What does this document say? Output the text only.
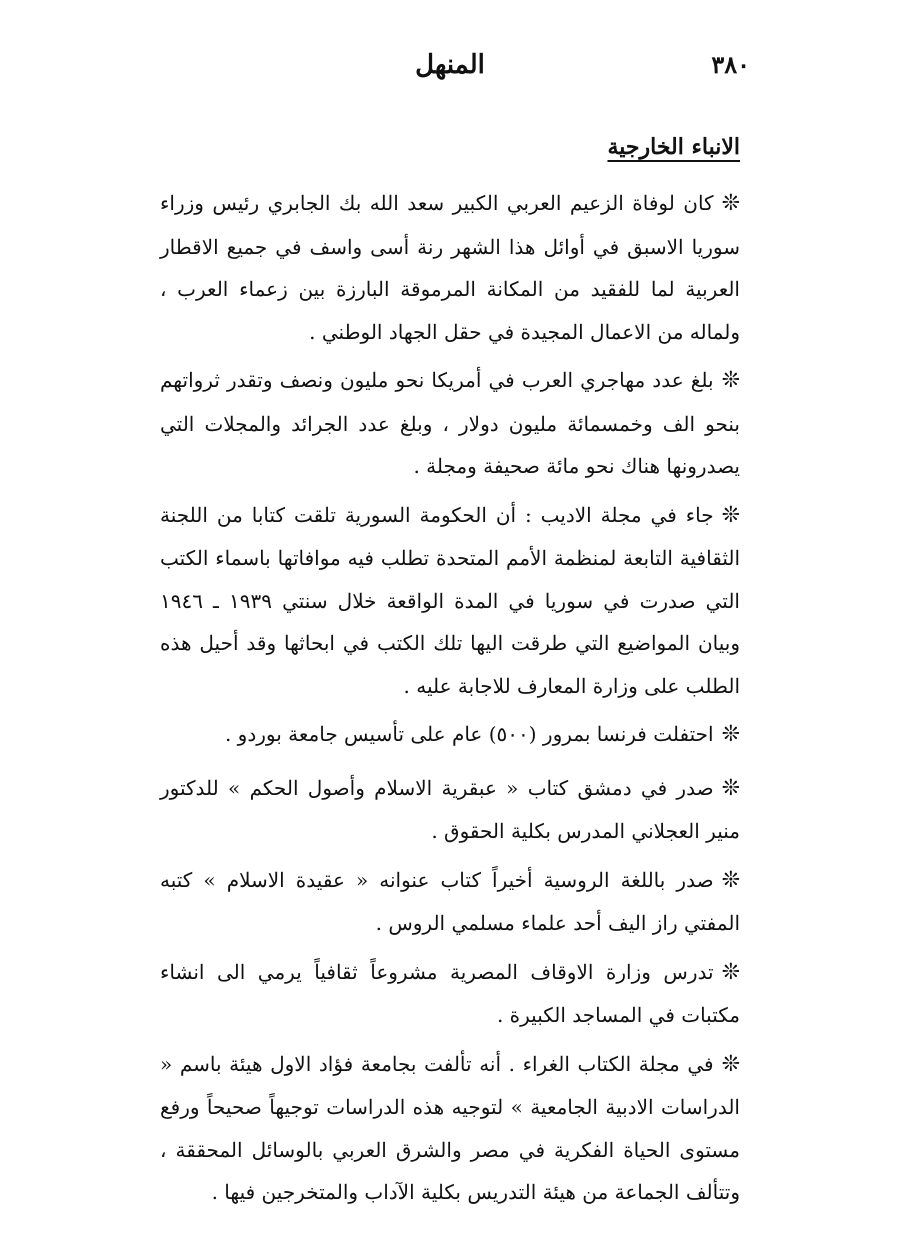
٣٨٠
المنهل
الانباء الخارجية

❊كان لوفاة الزعيم العربي الكبير سعد الله بك الجابري رئيس وزراء سوريا الاسبق في أوائل هذا الشهر رنة أسى واسف في جميع الاقطار العربية لما للفقيد من المكانة المرموقة البارزة بين زعماء العرب ، ولماله من الاعمال المجيدة في حقل الجهاد الوطني .

❊بلغ عدد مهاجري العرب في أمريكا نحو مليون ونصف وتقدر ثرواتهم بنحو الف وخمسمائة مليون دولار ، وبلغ عدد الجرائد والمجلات التي يصدرونها هناك نحو مائة صحيفة ومجلة .

❊جاء في مجلة الاديب : أن الحكومة السورية تلقت كتابا من اللجنة الثقافية التابعة لمنظمة الأمم المتحدة تطلب فيه موافاتها باسماء الكتب التي صدرت في سوريا في المدة الواقعة خلال سنتي ١٩٣٩ ـ ١٩٤٦ وبيان المواضيع التي طرقت اليها تلك الكتب في ابحاثها وقد أحيل هذه الطلب على وزارة المعارف للاجابة عليه .

❊احتفلت فرنسا بمرور (٥٠٠) عام على تأسيس جامعة بوردو .

❊صدر في دمشق كتاب « عبقرية الاسلام وأصول الحكم » للدكتور منير العجلاني المدرس بكلية الحقوق .

❊صدر باللغة الروسية أخيراً كتاب عنوانه « عقيدة الاسلام » كتبه المفتي راز اليف أحد علماء مسلمي الروس .

❊تدرس وزارة الاوقاف المصرية مشروعاً ثقافياً يرمي الى انشاء مكتبات في المساجد الكبيرة .

❊في مجلة الكتاب الغراء . أنه تألفت بجامعة فؤاد الاول هيئة باسم « الدراسات الادبية الجامعية » لتوجيه هذه الدراسات توجيهاً صحيحاً ورفع مستوى الحياة الفكرية في مصر والشرق العربي بالوسائل المحققة ، وتتألف الجماعة من هيئة التدريس بكلية الآداب والمتخرجين فيها .
